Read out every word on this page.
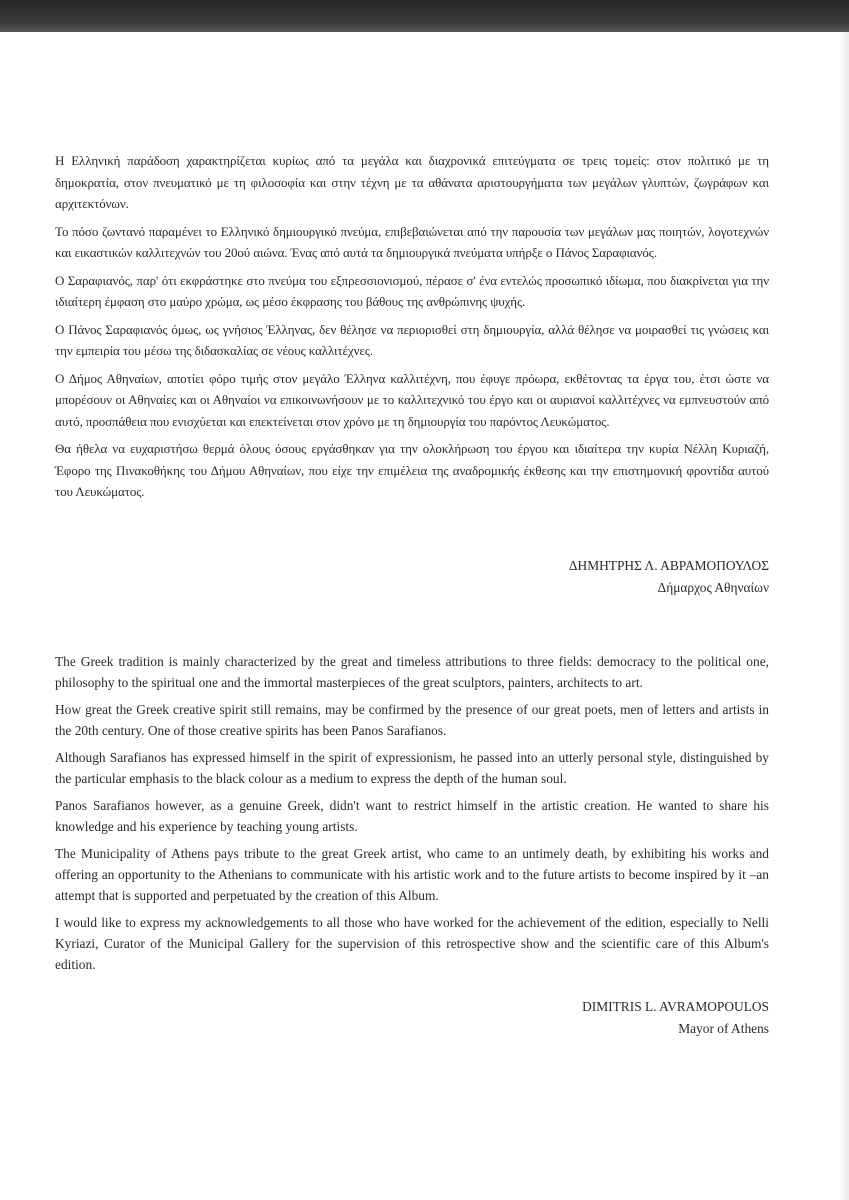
Η Ελληνική παράδοση χαρακτηρίζεται κυρίως από τα μεγάλα και διαχρονικά επιτεύγματα σε τρεις τομείς: στον πολιτικό με τη δημοκρατία, στον πνευματικό με τη φιλοσοφία και στην τέχνη με τα αθάνατα αριστουργήματα των μεγάλων γλυπτών, ζωγράφων και αρχιτεκτόνων.

Το πόσο ζωντανό παραμένει το Ελληνικό δημιουργικό πνεύμα, επιβεβαιώνεται από την παρουσία των μεγάλων μας ποιητών, λογοτεχνών και εικαστικών καλλιτεχνών του 20ού αιώνα. Ένας από αυτά τα δημιουργικά πνεύματα υπήρξε ο Πάνος Σαραφιανός.

Ο Σαραφιανός, παρ' ότι εκφράστηκε στο πνεύμα του εξπρεσσιονισμού, πέρασε σ' ένα εντελώς προσωπικό ιδίωμα, που διακρίνεται για την ιδιαίτερη έμφαση στο μαύρο χρώμα, ως μέσο έκφρασης του βάθους της ανθρώπινης ψυχής.

Ο Πάνος Σαραφιανός όμως, ως γνήσιος Έλληνας, δεν θέλησε να περιορισθεί στη δημιουργία, αλλά θέλησε να μοιρασθεί τις γνώσεις και την εμπειρία του μέσω της διδασκαλίας σε νέους καλλιτέχνες.

Ο Δήμος Αθηναίων, αποτίει φόρο τιμής στον μεγάλο Έλληνα καλλιτέχνη, που έφυγε πρόωρα, εκθέτοντας τα έργα του, έτσι ώστε να μπορέσουν οι Αθηναίες και οι Αθηναίοι να επικοινωνήσουν με το καλλιτεχνικό του έργο και οι αυριανοί καλλιτέχνες να εμπνευστούν από αυτό, προσπάθεια που ενισχύεται και επεκτείνεται στον χρόνο με τη δημιουργία του παρόντος Λευκώματος.

Θα ήθελα να ευχαριστήσω θερμά όλους όσους εργάσθηκαν για την ολοκλήρωση του έργου και ιδιαίτερα την κυρία Νέλλη Κυριαζή, Έφορο της Πινακοθήκης του Δήμου Αθηναίων, που είχε την επιμέλεια της αναδρομικής έκθεσης και την επιστημονική φροντίδα αυτού του Λευκώματος.

ΔΗΜΗΤΡΗΣ Λ. ΑΒΡΑΜΟΠΟΥΛΟΣ
Δήμαρχος Αθηναίων

The Greek tradition is mainly characterized by the great and timeless attributions to three fields: democracy to the political one, philosophy to the spiritual one and the immortal masterpieces of the great sculptors, painters, architects to art.

How great the Greek creative spirit still remains, may be confirmed by the presence of our great poets, men of letters and artists in the 20th century. One of those creative spirits has been Panos Sarafianos.

Although Sarafianos has expressed himself in the spirit of expressionism, he passed into an utterly personal style, distinguished by the particular emphasis to the black colour as a medium to express the depth of the human soul.

Panos Sarafianos however, as a genuine Greek, didn't want to restrict himself in the artistic creation. He wanted to share his knowledge and his experience by teaching young artists.

The Municipality of Athens pays tribute to the great Greek artist, who came to an untimely death, by exhibiting his works and offering an opportunity to the Athenians to communicate with his artistic work and to the future artists to become inspired by it –an attempt that is supported and perpetuated by the creation of this Album.

I would like to express my acknowledgements to all those who have worked for the achievement of the edition, especially to Nelli Kyriazi, Curator of the Municipal Gallery for the supervision of this retrospective show and the scientific care of this Album's edition.

DIMITRIS L. AVRAMOPOULOS
Mayor of Athens
